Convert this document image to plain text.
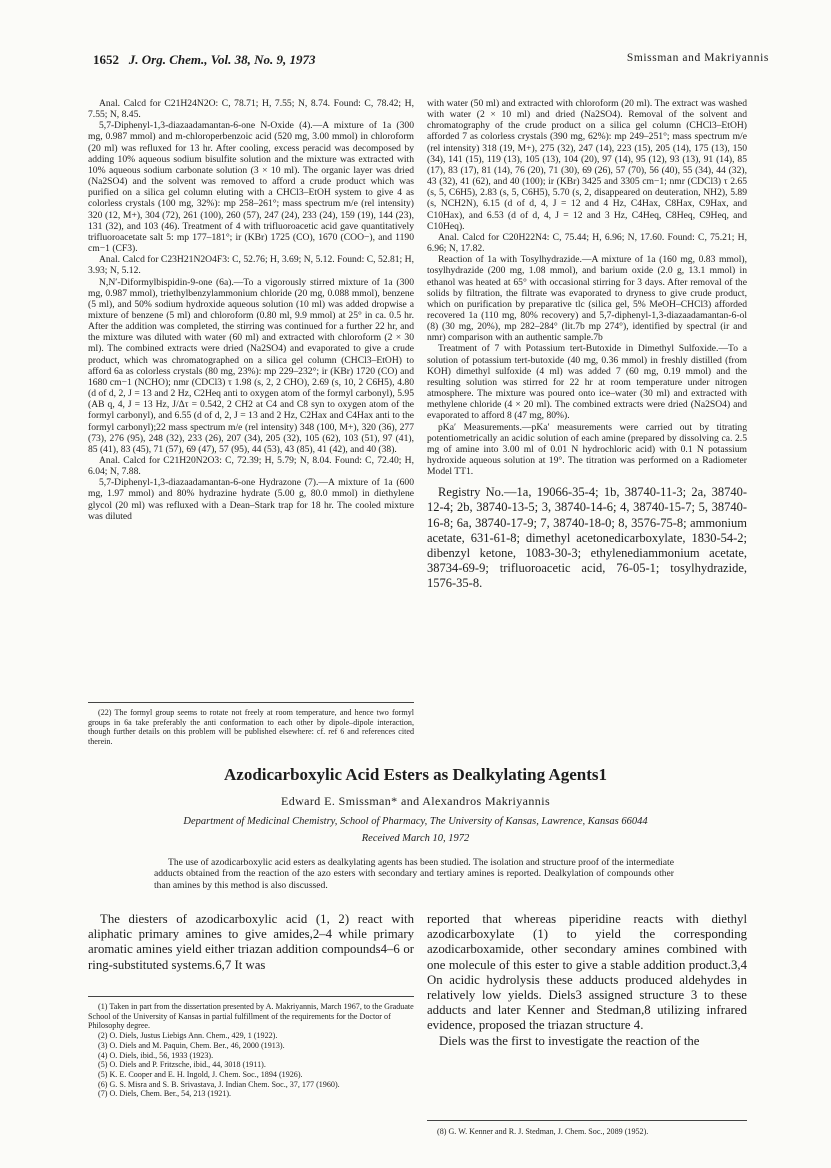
1652 J. Org. Chem., Vol. 38, No. 9, 1973	Smissman and Makriyannis

Anal. Calcd for C21H24N2O: C, 78.71; H, 7.55; N, 8.74. Found: C, 78.42; H, 7.55; N, 8.45.

5,7-Diphenyl-1,3-diazaadamantan-6-one N-Oxide (4).—A mixture of 1a (300 mg, 0.987 mmol) and m-chloroperbenzoic acid (520 mg, 3.00 mmol) in chloroform (20 ml) was refluxed for 13 hr. After cooling, excess peracid was decomposed by adding 10% aqueous sodium bisulfite solution and the mixture was extracted with 10% aqueous sodium carbonate solution (3 × 10 ml). The organic layer was dried (Na2SO4) and the solvent was removed to afford a crude product which was purified on a silica gel column eluting with a CHCl3–EtOH system to give 4 as colorless crystals (100 mg, 32%): mp 258–261°; mass spectrum m/e (rel intensity) 320 (12, M+), 304 (72), 261 (100), 260 (57), 247 (24), 233 (24), 159 (19), 144 (23), 131 (32), and 103 (46). Treatment of 4 with trifluoroacetic acid gave quantitatively trifluoroacetate salt 5: mp 177–181°; ir (KBr) 1725 (CO), 1670 (COO−), and 1190 cm−1 (CF3).

Anal. Calcd for C23H21N2O4F3: C, 52.76; H, 3.69; N, 5.12. Found: C, 52.81; H, 3.93; N, 5.12.

N,N′-Diformylbispidin-9-one (6a).—To a vigorously stirred mixture of 1a (300 mg, 0.987 mmol), triethylbenzylammonium chloride (20 mg, 0.088 mmol), benzene (5 ml), and 50% sodium hydroxide aqueous solution (10 ml) was added dropwise a mixture of benzene (5 ml) and chloroform (0.80 ml, 9.9 mmol) at 25° in ca. 0.5 hr. After the addition was completed, the stirring was continued for a further 22 hr, and the mixture was diluted with water (60 ml) and extracted with chloroform (2 × 30 ml). The combined extracts were dried (Na2SO4) and evaporated to give a crude product, which was chromatographed on a silica gel column (CHCl3–EtOH) to afford 6a as colorless crystals (80 mg, 23%): mp 229–232°; ir (KBr) 1720 (CO) and 1680 cm−1 (NCHO); nmr (CDCl3) τ 1.98 (s, 2, 2 CHO), 2.69 (s, 10, 2 C6H5), 4.80 (d of d, 2, J = 13 and 2 Hz, C2Heq anti to oxygen atom of the formyl carbonyl), 5.95 (AB q, 4, J = 13 Hz, J/Δτ = 0.542, 2 CH2 at C4 and C8 syn to oxygen atom of the formyl carbonyl), and 6.55 (d of d, 2, J = 13 and 2 Hz, C2Hax and C4Hax anti to the formyl carbonyl);22 mass spectrum m/e (rel intensity) 348 (100, M+), 320 (36), 277 (73), 276 (95), 248 (32), 233 (26), 207 (34), 205 (32), 105 (62), 103 (51), 97 (41), 85 (41), 83 (45), 71 (57), 69 (47), 57 (95), 44 (53), 43 (85), 41 (42), and 40 (38).

Anal. Calcd for C21H20N2O3: C, 72.39; H, 5.79; N, 8.04. Found: C, 72.40; H, 6.04; N, 7.88.

5,7-Diphenyl-1,3-diazaadamantan-6-one Hydrazone (7).—A mixture of 1a (600 mg, 1.97 mmol) and 80% hydrazine hydrate (5.00 g, 80.0 mmol) in diethylene glycol (20 ml) was refluxed with a Dean–Stark trap for 18 hr. The cooled mixture was diluted

(22) The formyl group seems to rotate not freely at room temperature, and hence two formyl groups in 6a take preferably the anti conformation to each other by dipole–dipole interaction, though further details on this problem will be published elsewhere: cf. ref 6 and references cited therein.

with water (50 ml) and extracted with chloroform (20 ml). The extract was washed with water (2 × 10 ml) and dried (Na2SO4). Removal of the solvent and chromatography of the crude product on a silica gel column (CHCl3–EtOH) afforded 7 as colorless crystals (390 mg, 62%): mp 249–251°; mass spectrum m/e (rel intensity) 318 (19, M+), 275 (32), 247 (14), 223 (15), 205 (14), 175 (13), 150 (34), 141 (15), 119 (13), 105 (13), 104 (20), 97 (14), 95 (12), 93 (13), 91 (14), 85 (17), 83 (17), 81 (14), 76 (20), 71 (30), 69 (26), 57 (70), 56 (40), 55 (34), 44 (32), 43 (32), 41 (62), and 40 (100); ir (KBr) 3425 and 3305 cm−1; nmr (CDCl3) τ 2.65 (s, 5, C6H5), 2.83 (s, 5, C6H5), 5.70 (s, 2, disappeared on deuteration, NH2), 5.89 (s, NCH2N), 6.15 (d of d, 4, J = 12 and 4 Hz, C4Hax, C8Hax, C9Hax, and C10Hax), and 6.53 (d of d, 4, J = 12 and 3 Hz, C4Heq, C8Heq, C9Heq, and C10Heq).

Anal. Calcd for C20H22N4: C, 75.44; H, 6.96; N, 17.60. Found: C, 75.21; H, 6.96; N, 17.82.

Reaction of 1a with Tosylhydrazide.—A mixture of 1a (160 mg, 0.83 mmol), tosylhydrazide (200 mg, 1.08 mmol), and barium oxide (2.0 g, 13.1 mmol) in ethanol was heated at 65° with occasional stirring for 3 days. After removal of the solids by filtration, the filtrate was evaporated to dryness to give crude product, which on purification by preparative tlc (silica gel, 5% MeOH–CHCl3) afforded recovered 1a (110 mg, 80% recovery) and 5,7-diphenyl-1,3-diazaadamantan-6-ol (8) (30 mg, 20%), mp 282–284° (lit.7b mp 274°), identified by spectral (ir and nmr) comparison with an authentic sample.7b

Treatment of 7 with Potassium tert-Butoxide in Dimethyl Sulfoxide.—To a solution of potassium tert-butoxide (40 mg, 0.36 mmol) in freshly distilled (from KOH) dimethyl sulfoxide (4 ml) was added 7 (60 mg, 0.19 mmol) and the resulting solution was stirred for 22 hr at room temperature under nitrogen atmosphere. The mixture was poured onto ice–water (30 ml) and extracted with methylene chloride (4 × 20 ml). The combined extracts were dried (Na2SO4) and evaporated to afford 8 (47 mg, 80%).

pKa′ Measurements.—pKa′ measurements were carried out by titrating potentiometrically an acidic solution of each amine (prepared by dissolving ca. 2.5 mg of amine into 3.00 ml of 0.01 N hydrochloric acid) with 0.1 N potassium hydroxide aqueous solution at 19°. The titration was performed on a Radiometer Model TT1.

Registry No.—1a, 19066-35-4; 1b, 38740-11-3; 2a, 38740-12-4; 2b, 38740-13-5; 3, 38740-14-6; 4, 38740-15-7; 5, 38740-16-8; 6a, 38740-17-9; 7, 38740-18-0; 8, 3576-75-8; ammonium acetate, 631-61-8; dimethyl acetonedicarboxylate, 1830-54-2; dibenzyl ketone, 1083-30-3; ethylenediammonium acetate, 38734-69-9; trifluoroacetic acid, 76-05-1; tosylhydrazide, 1576-35-8.

Azodicarboxylic Acid Esters as Dealkylating Agents1
Edward E. Smissman* and Alexandros Makriyannis
Department of Medicinal Chemistry, School of Pharmacy, The University of Kansas, Lawrence, Kansas 66044
Received March 10, 1972

The use of azodicarboxylic acid esters as dealkylating agents has been studied. The isolation and structure proof of the intermediate adducts obtained from the reaction of the azo esters with secondary and tertiary amines is reported. Dealkylation of compounds other than amines by this method is also discussed.

The diesters of azodicarboxylic acid (1, 2) react with aliphatic primary amines to give amides,2–4 while primary aromatic amines yield either triazan addition compounds4–6 or ring-substituted systems.6,7 It was

(1) Taken in part from the dissertation presented by A. Makriyannis, March 1967, to the Graduate School of the University of Kansas in partial fulfillment of the requirements for the Doctor of Philosophy degree.

(2) O. Diels, Justus Liebigs Ann. Chem., 429, 1 (1922).

(3) O. Diels and M. Paquin, Chem. Ber., 46, 2000 (1913).

(4) O. Diels, ibid., 56, 1933 (1923).

(5) O. Diels and P. Fritzsche, ibid., 44, 3018 (1911).

(5) K. E. Cooper and E. H. Ingold, J. Chem. Soc., 1894 (1926).

(6) G. S. Misra and S. B. Srivastava, J. Indian Chem. Soc., 37, 177 (1960).

(7) O. Diels, Chem. Ber., 54, 213 (1921).

reported that whereas piperidine reacts with diethyl azodicarboxylate (1) to yield the corresponding azodicarboxamide, other secondary amines combined with one molecule of this ester to give a stable addition product.3,4 On acidic hydrolysis these adducts produced aldehydes in relatively low yields. Diels3 assigned structure 3 to these adducts and later Kenner and Stedman,8 utilizing infrared evidence, proposed the triazan structure 4.

Diels was the first to investigate the reaction of the

(8) G. W. Kenner and R. J. Stedman, J. Chem. Soc., 2089 (1952).
